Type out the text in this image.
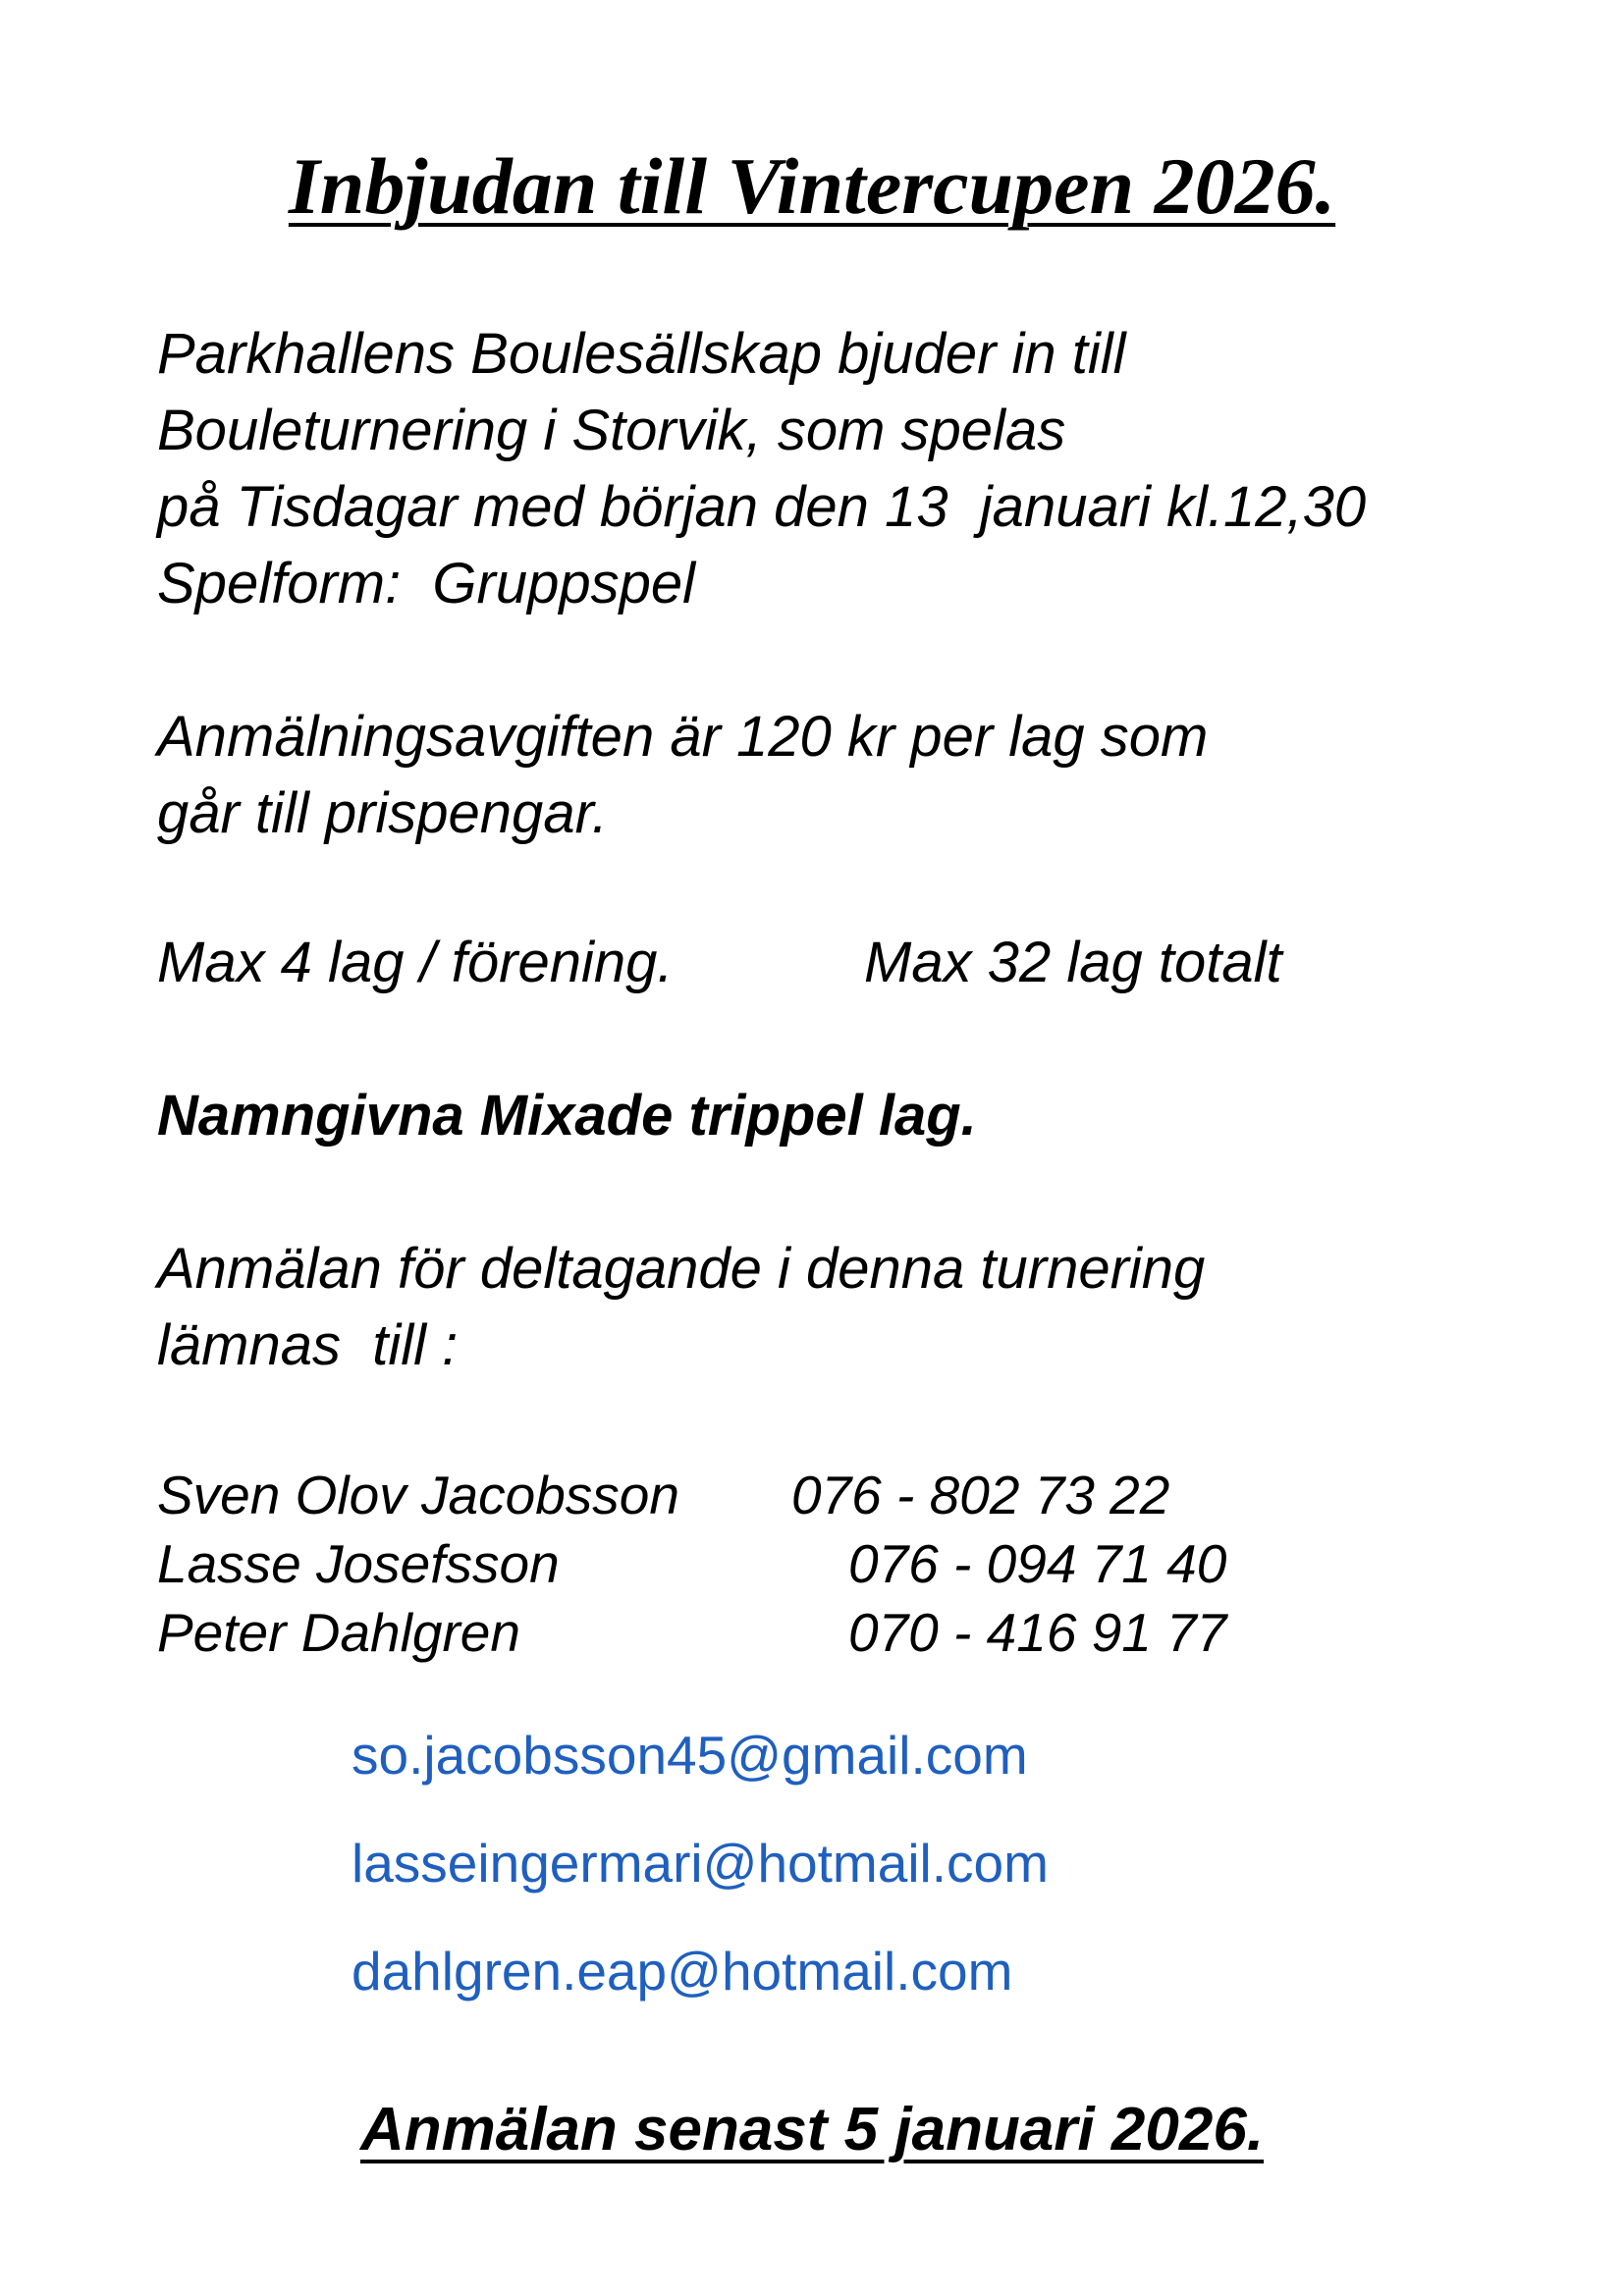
Inbjudan till Vintercupen 2026.
Parkhallens Boulesällskap bjuder in till
Bouleturnering i Storvik, som spelas
på Tisdagar med början den 13  januari kl.12,30
Spelform:  Gruppspel
Anmälningsavgiften är 120 kr per lag som
går till prispengar.
Max 4 lag / förening.	Max 32 lag totalt
Namngivna Mixade trippel lag.
Anmälan för deltagande i denna turnering
lämnas  till :
Sven Olov Jacobsson 076 - 802 73 22
Lasse Josefsson	076 - 094 71 40
Peter Dahlgren	070 - 416 91 77
so.jacobsson45@gmail.com
lasseingermari@hotmail.com
dahlgren.eap@hotmail.com
Anmälan senast 5 januari 2026.
